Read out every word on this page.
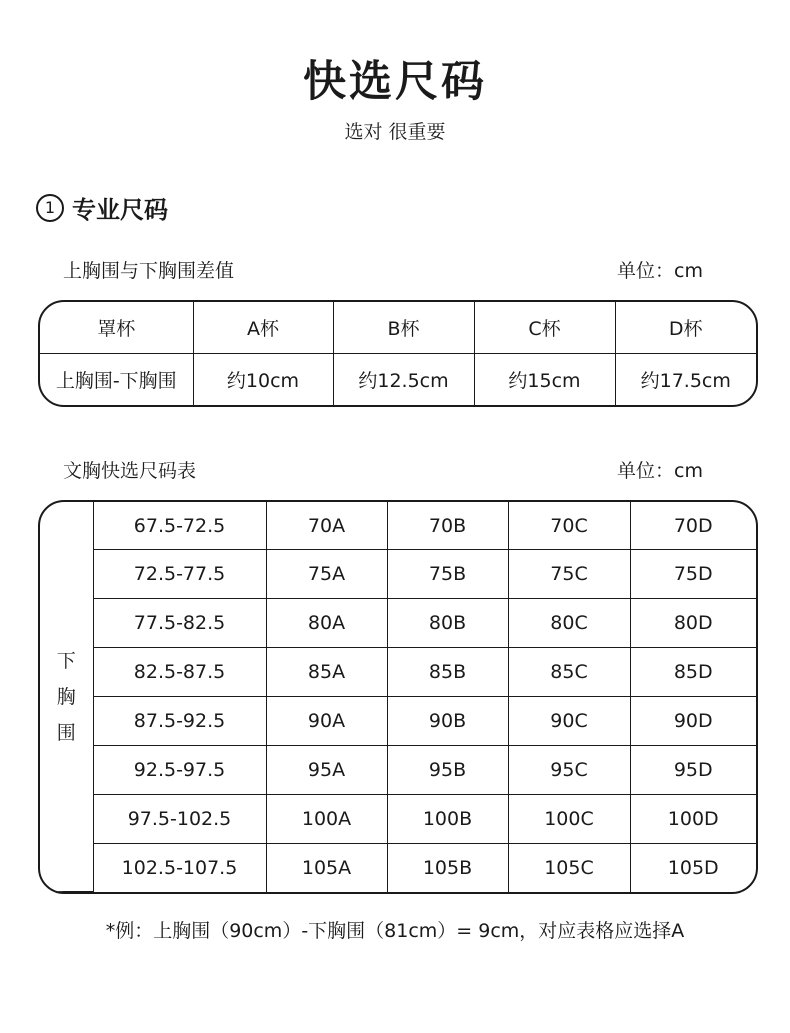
快选尺码
选对 很重要
1 专业尺码
上胸围与下胸围差值	单位：cm
罩杯	A杯	B杯	C杯	D杯
上胸围-下胸围	约10cm	约12.5cm	约15cm	约17.5cm
文胸快选尺码表	单位：cm
下
胸
围	67.5-72.5	70A	70B	70C	70D
	72.5-77.5	75A	75B	75C	75D
	77.5-82.5	80A	80B	80C	80D
	82.5-87.5	85A	85B	85C	85D
	87.5-92.5	90A	90B	90C	90D
	92.5-97.5	95A	95B	95C	95D
	97.5-102.5	100A	100B	100C	100D
	102.5-107.5	105A	105B	105C	105D
*例：上胸围（90cm）-下胸围（81cm）= 9cm，对应表格应选择A
